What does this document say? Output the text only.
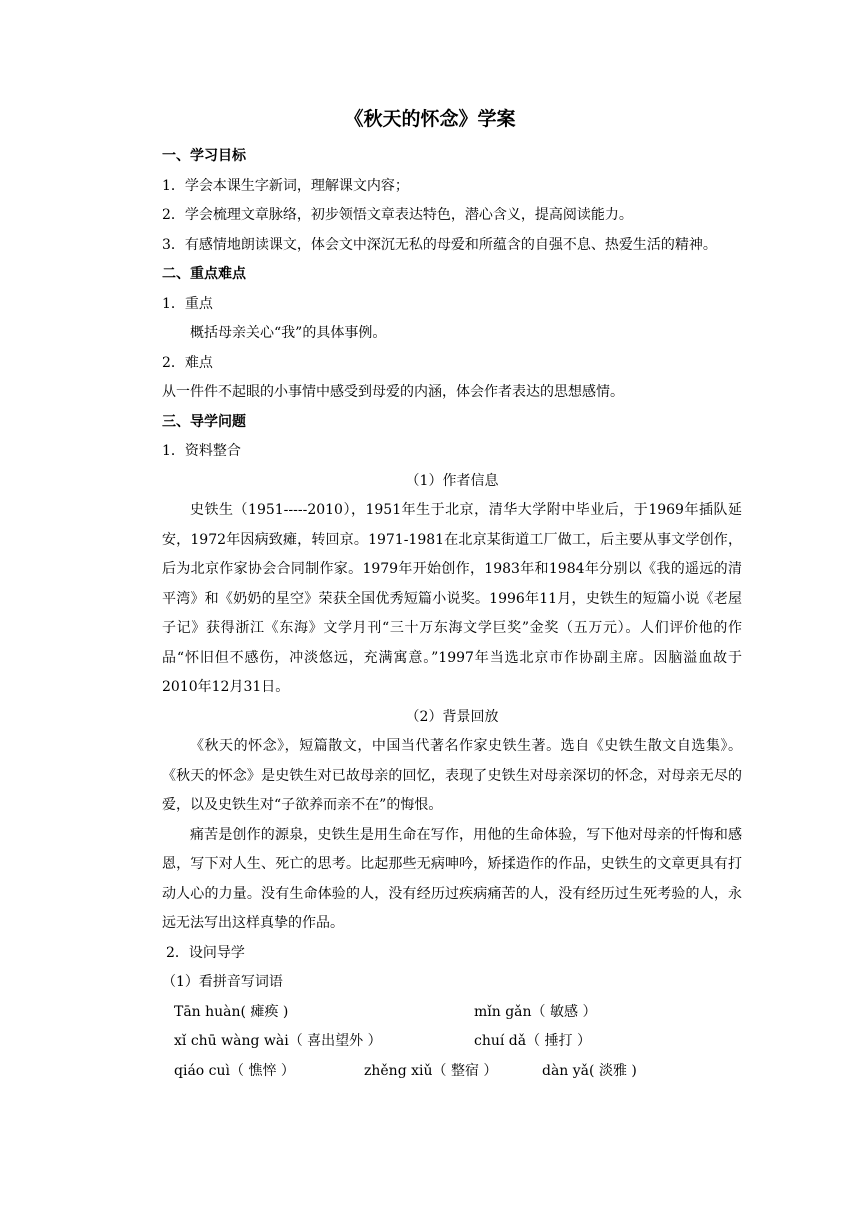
《秋天的怀念》学案

一、学习目标

1．学会本课生字新词，理解课文内容；

2．学会梳理文章脉络，初步领悟文章表达特色，潜心含义，提高阅读能力。

3．有感情地朗读课文，体会文中深沉无私的母爱和所蕴含的自强不息、热爱生活的精神。

二、重点难点

1．重点

概括母亲关心“我”的具体事例。

2．难点

从一件件不起眼的小事情中感受到母爱的内涵，体会作者表达的思想感情。

三、导学问题

1．资料整合

（1）作者信息

史铁生（1951-----2010），1951年生于北京，清华大学附中毕业后，于1969年插队延安，1972年因病致瘫，转回京。1971-1981在北京某街道工厂做工，后主要从事文学创作，后为北京作家协会合同制作家。1979年开始创作，1983年和1984年分别以《我的遥远的清平湾》和《奶奶的星空》荣获全国优秀短篇小说奖。1996年11月，史铁生的短篇小说《老屋子记》获得浙江《东海》文学月刊“三十万东海文学巨奖”金奖（五万元）。人们评价他的作品“怀旧但不感伤，冲淡悠远，充满寓意。”1997年当选北京市作协副主席。因脑溢血故于2010年12月31日。

（2）背景回放

《秋天的怀念》，短篇散文，中国当代著名作家史铁生著。选自《史铁生散文自选集》。《秋天的怀念》是史铁生对已故母亲的回忆，表现了史铁生对母亲深切的怀念，对母亲无尽的爱，以及史铁生对“子欲养而亲不在”的悔恨。

痛苦是创作的源泉，史铁生是用生命在写作，用他的生命体验，写下他对母亲的忏悔和感恩，写下对人生、死亡的思考。比起那些无病呻吟，矫揉造作的作品，史铁生的文章更具有打动人心的力量。没有生命体验的人，没有经历过疾病痛苦的人，没有经历过生死考验的人，永远无法写出这样真挚的作品。

2．设问导学

（1）看拼音写词语

Tān huàn( 瘫痪 )	mǐn gǎn（ 敏感 ）
xǐ chū wàng wài（ 喜出望外 ）	chuí dǎ（ 捶打 ）
qiáo cuì（ 憔悴 ）	zhěng xiǔ（ 整宿 ）	dàn yǎ( 淡雅 )
